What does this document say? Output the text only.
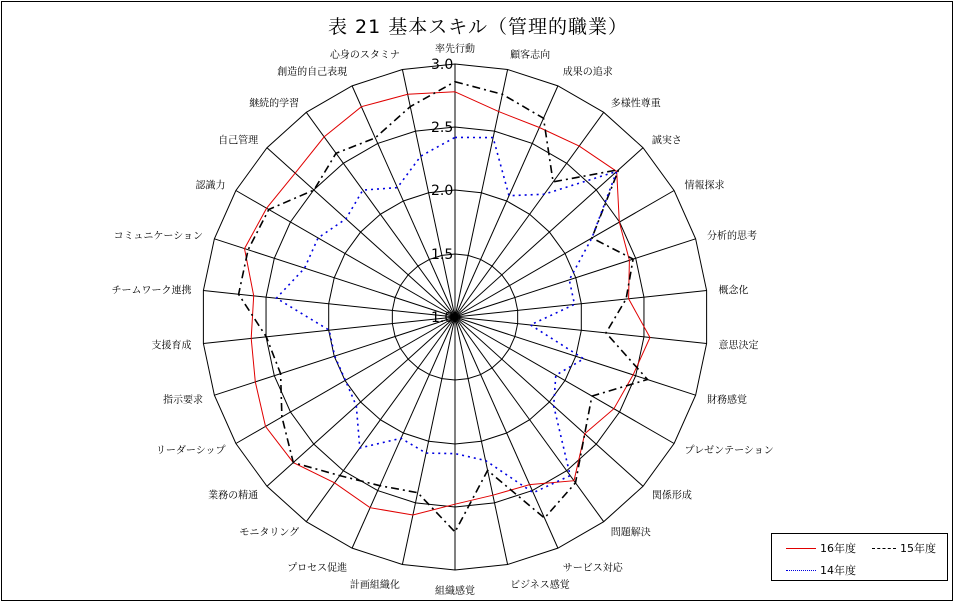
表 21 基本スキル（管理的職業）
1.0
1.5
2.0
2.5
3.0
率先行動
顧客志向
成果の追求
多様性尊重
誠実さ
情報探求
分析的思考
概念化
意思決定
財務感覚
プレゼンテーション
関係形成
問題解決
サービス対応
ビジネス感覚
組織感覚
計画組織化
プロセス促進
モニタリング
業務の精通
リーダーシップ
指示要求
支援育成
チームワーク連携
コミュニケーション
認識力
自己管理
継続的学習
創造的自己表現
心身のスタミナ
16年度	15年度
14年度
